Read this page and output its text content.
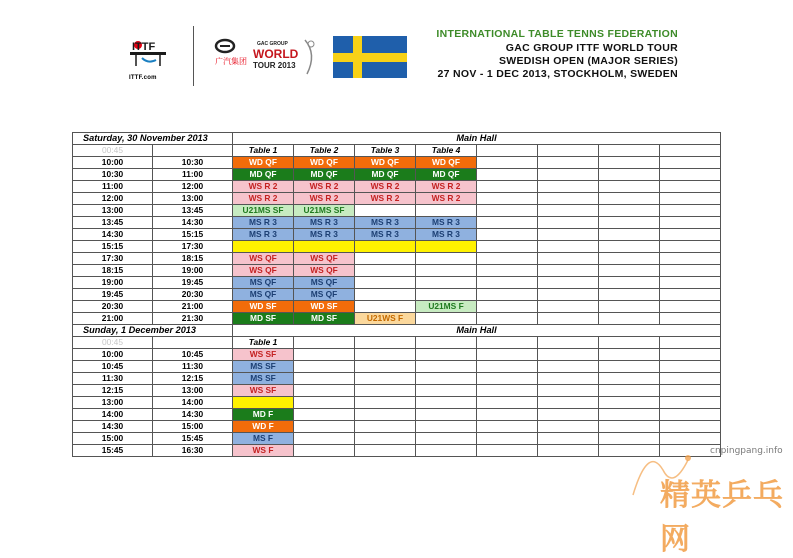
ITTF
ITTF.com
广汽集团
GAC GROUP
WORLD
TOUR 2013
INTERNATIONAL TABLE TENNS FEDERATION
GAC GROUP ITTF WORLD TOUR
SWEDISH OPEN (MAJOR SERIES)
27 NOV - 1 DEC 2013, STOCKHOLM, SWEDEN
Saturday, 30 November 2013		Main Hall							
00:45		Table 1	Table 2	Table 3	Table 4				
10:00	10:30	WD QF	WD QF	WD QF	WD QF				
10:30	11:00	MD QF	MD QF	MD QF	MD QF				
11:00	12:00	WS R 2	WS R 2	WS R 2	WS R 2				
12:00	13:00	WS R 2	WS R 2	WS R 2	WS R 2				
13:00	13:45	U21MS SF	U21MS SF						
13:45	14:30	MS R 3	MS R 3	MS R 3	MS R 3				
14:30	15:15	MS R 3	MS R 3	MS R 3	MS R 3				
15:15	17:30								
17:30	18:15	WS QF	WS QF						
18:15	19:00	WS QF	WS QF						
19:00	19:45	MS QF	MS QF						
19:45	20:30	MS QF	MS QF						
20:30	21:00	WD SF	WD SF		U21MS F				
21:00	21:30	MD SF	MD SF	U21WS F					
Sunday, 1 December 2013		Main Hall							
00:45		Table 1							
10:00	10:45	WS SF							
10:45	11:30	MS SF							
11:30	12:15	MS SF							
12:15	13:00	WS SF							
13:00	14:00								
14:00	14:30	MD F							
14:30	15:00	WD F							
15:00	15:45	MS F							
15:45	16:30	WS F								cnpingpang.info
精英乒乓网
